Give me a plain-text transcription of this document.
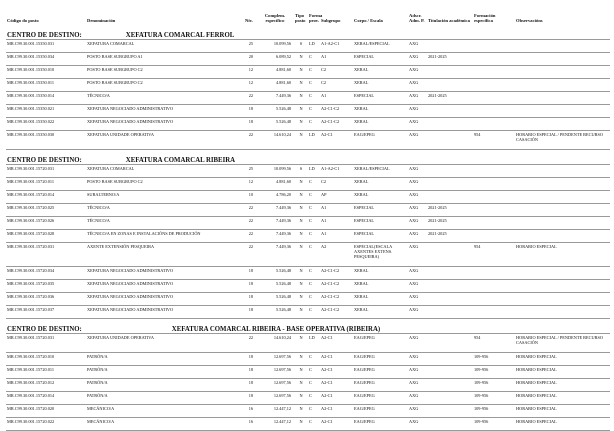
Código do posto	Denominación	Nív.	Complem.
específico	Tipo
posto	Forma
prov.	Subgrupo	Corpo / Escala	Adscr.
Adm. P.	Titulación académica	Formación
específica	Observacións
CENTRO DE DESTINO: XEFATURA COMARCAL FERROL											
MR.C99.30.001.15350.031	XEFATURA COMARCAL	25	10.099,56	S	LD	A1-A2-C1	XERAL/ESPECIAL	AXG			
MR.C99.30.001.15350.034	POSTO BASE SUBGRUPO A1	20	6.089,52	N	C	A1	ESPECIAL	AXG	2021-2025		
MR.C99.30.001.15350.010	POSTO BASE SUBGRUPO C2	12	4.881,60	N	C	C2	XERAL	AXG			
MR.C99.30.001.15350.011	POSTO BASE SUBGRUPO C2	12	4.881,60	N	C	C2	XERAL	AXG			
MR.C99.30.001.15350.014	TÉCNICO/A	22	7.449,36	N	C	A1	ESPECIAL	AXG	2021-2025		
MR.C99.30.001.15350.021	XEFATURA NEGOCIADO ADMINISTRATIVO	18	5.526,48	N	C	A2-C1-C2	XERAL	AXG			
MR.C99.30.001.15350.022	XEFATURA NEGOCIADO ADMINISTRATIVO	18	5.526,48	N	C	A2-C1-C2	XERAL	AXG			
MR.C99.30.001.15350.030	XEFATURA UNIDADE OPERATIVA	22	14.610,24	N	LD	A2-C1	EAG/EPEG	AXG		954	HORARIO ESPECIAL / PENDENTE RECURSO CASACIÓN
CENTRO DE DESTINO: XEFATURA COMARCAL RIBEIRA											
MR.C99.30.001.15720.031	XEFATURA COMARCAL	25	10.099,56	S	LD	A1-A2-C1	XERAL/ESPECIAL	AXG			
MR.C99.30.001.15720.011	POSTO BASE SUBGRUPO C2	12	4.881,60	N	C	C2	XERAL	AXG			
MR.C99.30.001.15720.014	SUBALTERNO/A	10	4.786,20	N	C	AP	XERAL	AXG			
MR.C99.30.001.15720.025	TÉCNICO/A	22	7.449,36	N	C	A1	ESPECIAL	AXG	2021-2025		
MR.C99.30.001.15720.026	TÉCNICO/A	22	7.449,36	N	C	A1	ESPECIAL	AXG	2021-2025		
MR.C99.30.001.15720.028	TÉCNICO/A EN ZONAS E INSTALACIÓNS DE PRODUCIÓN	22	7.449,36	N	C	A1	ESPECIAL	AXG	2021-2025		
MR.C99.30.001.15720.031	AXENTE EXTENSIÓN PESQUEIRA	22	7.449,36	N	C	A2	ESPECIAL(ESCALA AXENTES EXTENS. PESQUEIRA)	AXG		954	HORARIO ESPECIAL
MR.C99.30.001.15720.034	XEFATURA NEGOCIADO ADMINISTRATIVO	18	5.526,48	N	C	A2-C1-C2	XERAL	AXG			
MR.C99.30.001.15720.035	XEFATURA NEGOCIADO ADMINISTRATIVO	18	5.526,48	N	C	A2-C1-C2	XERAL	AXG			
MR.C99.30.001.15720.036	XEFATURA NEGOCIADO ADMINISTRATIVO	18	5.526,48	N	C	A2-C1-C2	XERAL	AXG			
MR.C99.30.001.15720.037	XEFATURA NEGOCIADO ADMINISTRATIVO	18	5.526,48	N	C	A2-C1-C2	XERAL	AXG			
CENTRO DE DESTINO: XEFATURA COMARCAL RIBEIRA - BASE OPERATIVA (RIBEIRA)											
MR.C99.30.001.15720.031	XEFATURA UNIDADE OPERATIVA	22	14.610,24	N	LD	A2-C1	EAG/EPEG	AXG		954	HORARIO ESPECIAL / PENDENTE RECURSO CASACIÓN
MR.C99.30.001.15720.010	PATRÓN/A	18	12.697,56	N	C	A2-C1	EAG/EPEG	AXG		109-956	HORARIO ESPECIAL
MR.C99.30.001.15720.011	PATRÓN/A	18	12.697,56	N	C	A2-C1	EAG/EPEG	AXG		109-956	HORARIO ESPECIAL
MR.C99.30.001.15720.012	PATRÓN/A	18	12.697,56	N	C	A2-C1	EAG/EPEG	AXG		109-956	HORARIO ESPECIAL
MR.C99.30.001.15720.014	PATRÓN/A	18	12.697,56	N	C	A2-C1	EAG/EPEG	AXG		109-956	HORARIO ESPECIAL
MR.C99.30.001.15720.020	MECÁNICO/A	16	12.447,12	N	C	A2-C1	EAG/EPEG	AXG		109-956	HORARIO ESPECIAL
MR.C99.30.001.15720.022	MECÁNICO/A	16	12.447,12	N	C	A2-C1	EAG/EPEG	AXG		109-956	HORARIO ESPECIAL
